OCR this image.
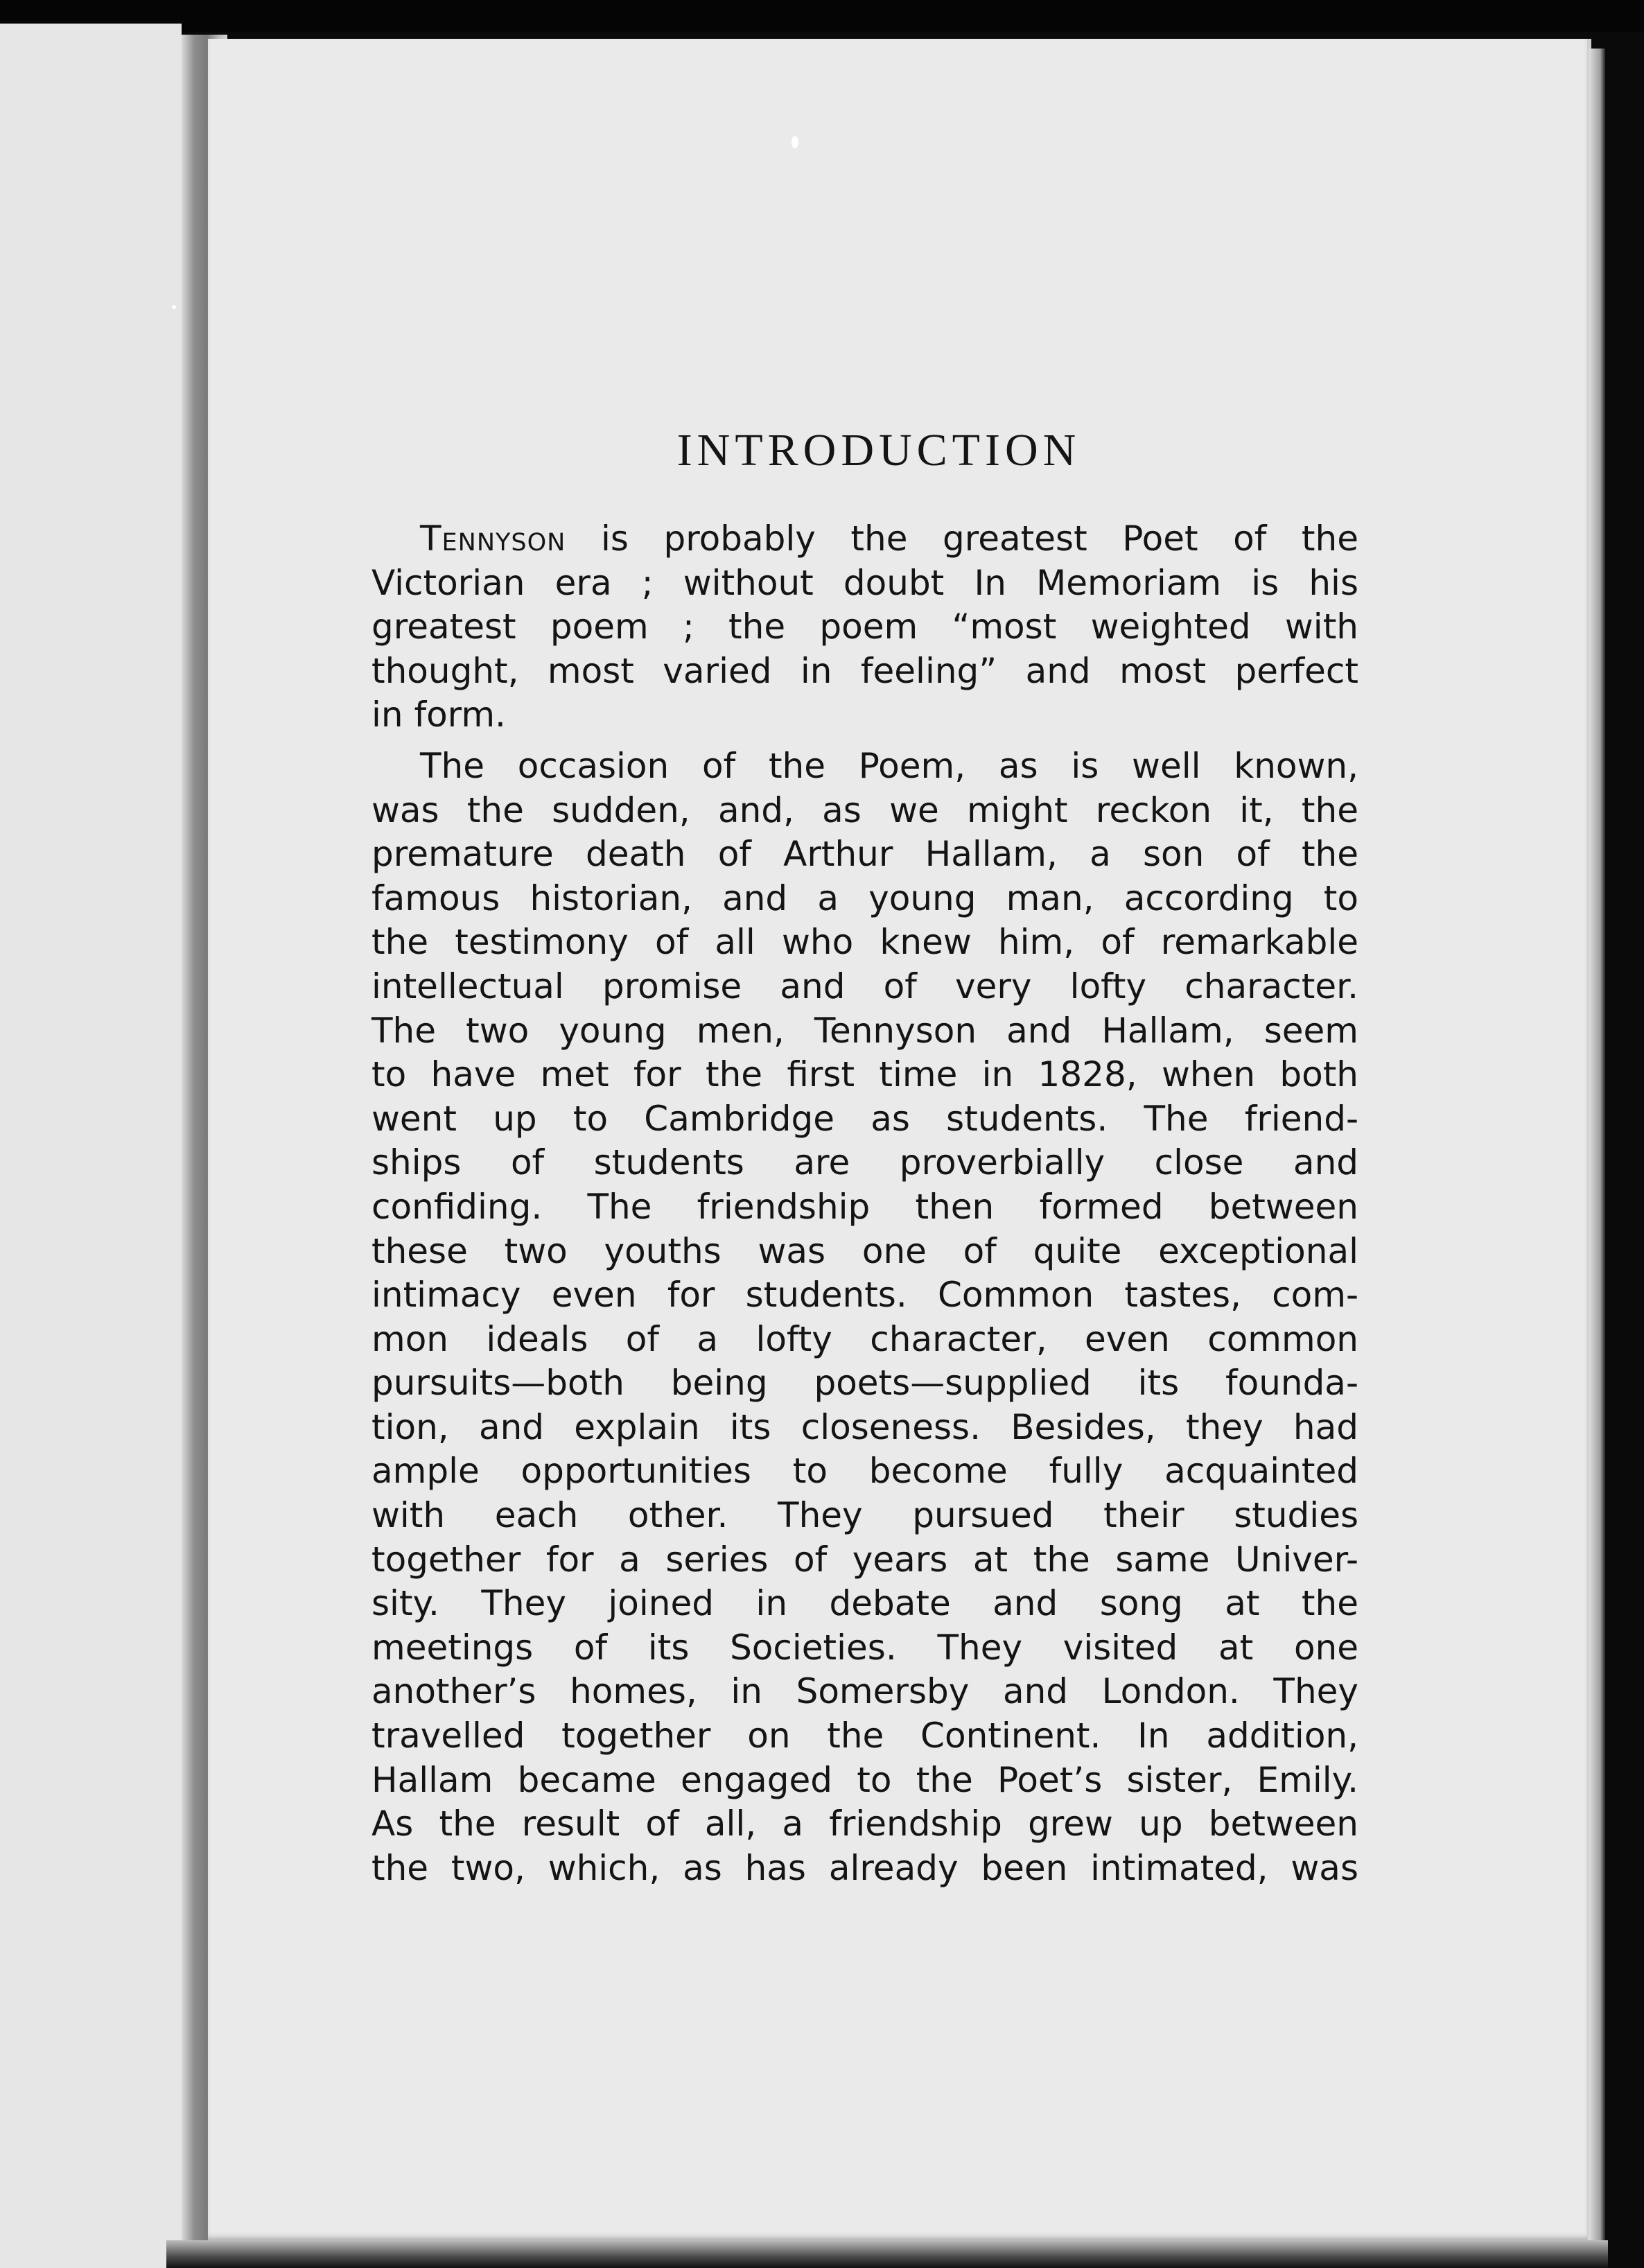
INTRODUCTION
Tennyson is probably the greatest Poet of the
Victorian era ; without doubt In Memoriam is his
greatest poem ; the poem “most weighted with
thought, most varied in feeling” and most perfect
in form.
The occasion of the Poem, as is well known,
was the sudden, and, as we might reckon it, the
premature death of Arthur Hallam, a son of the
famous historian, and a young man, according to
the testimony of all who knew him, of remarkable
intellectual promise and of very lofty character.
The two young men, Tennyson and Hallam, seem
to have met for the first time in 1828, when both
went up to Cambridge as students. The friend-
ships of students are proverbially close and
confiding. The friendship then formed between
these two youths was one of quite exceptional
intimacy even for students. Common tastes, com-
mon ideals of a lofty character, even common
pursuits—both being poets—supplied its founda-
tion, and explain its closeness. Besides, they had
ample opportunities to become fully acquainted
with each other. They pursued their studies
together for a series of years at the same Univer-
sity. They joined in debate and song at the
meetings of its Societies. They visited at one
another’s homes, in Somersby and London. They
travelled together on the Continent. In addition,
Hallam became engaged to the Poet’s sister, Emily.
As the result of all, a friendship grew up between
the two, which, as has already been intimated, was
